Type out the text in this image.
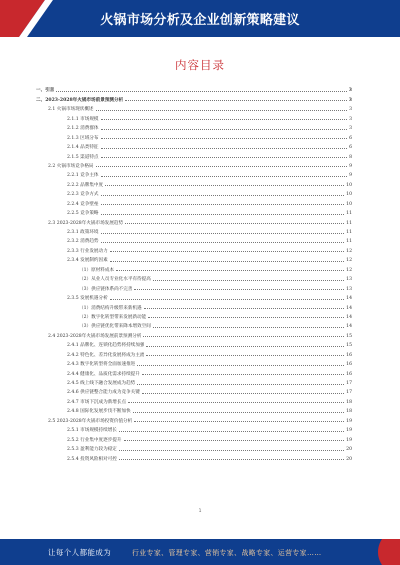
火锅市场分析及企业创新策略建议
内容目录
一、引言	3
二、2023-2028年火锅市场前景预测分析	3
2.1 火锅市场现状概述	3
2.1.1 市场规模	3
2.1.2 消费群体	3
2.1.3 区域分布	6
2.1.4 品类特征	6
2.1.5 渠道特点	8
2.2 火锅市场竞争格局	9
2.2.1 竞争主体	9
2.2.2 品牌集中度	10
2.2.3 竞争方式	10
2.2.4 竞争壁垒	10
2.2.5 竞争策略	11
2.3 2023-2028年火锅市场发展趋势	11
2.3.1 政策环境	11
2.3.2 消费趋势	11
2.3.3 行业发展动力	12
2.3.4 发展制约因素	12
（1）原材料成本	12
（2）从业人员专业化水平有待提高	13
（3）供应链体系尚不完善	13
2.3.5 发展机遇分析	14
（1）消费结构升级带来新机遇	14
（2）数字化转型带来发展新动能	14
（3）供应链优化带来降本增效空间	14
2.4 2023-2028年火锅市场发展前景预测分析	15
2.4.1 品牌化、连锁化趋势将持续加强	15
2.4.2 特色化、差异化发展将成为主流	16
2.4.3 数字化转型将全面加速推进	16
2.4.4 健康化、品质化需求持续提升	16
2.4.5 线上线下融合发展成为趋势	17
2.4.6 供应链整合能力成为竞争关键	17
2.4.7 市场下沉成为新增长点	18
2.4.8 国际化发展步伐不断加快	18
2.5 2023-2028年火锅市场投资价值分析	19
2.5.1 市场规模持续增长	19
2.5.2 行业集中度逐步提升	19
2.5.3 盈利能力较为稳定	20
2.5.4 投资风险相对可控	20
1
让每个人都能成为	行业专家、管理专家、营销专家、战略专家、运营专家……
